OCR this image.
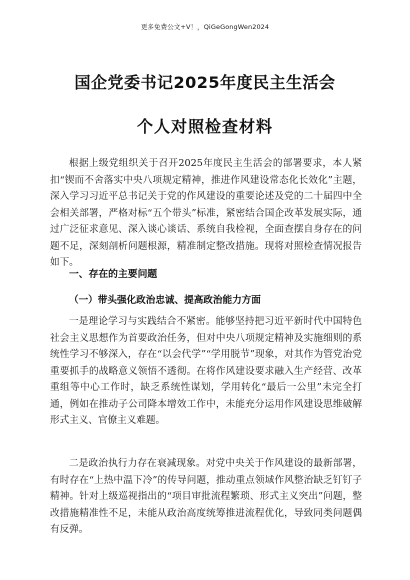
更多免费公文+V！，QiGeGongWen2024
国企党委书记2025年度民主生活会
个人对照检查材料
根据上级党组织关于召开2025年度民主生活会的部署要求，本人紧扣“锲而不舍落实中央八项规定精神，推进作风建设常态化长效化”主题，深入学习习近平总书记关于党的作风建设的重要论述及党的二十届四中全会相关部署，严格对标“五个带头”标准，紧密结合国企改革发展实际，通过广泛征求意见、深入谈心谈话、系统自我检视，全面查摆自身存在的问题不足，深刻剖析问题根源，精准制定整改措施。现将对照检查情况报告如下。
一、存在的主要问题
（一）带头强化政治忠诚、提高政治能力方面
一是理论学习与实践结合不紧密。能够坚持把习近平新时代中国特色社会主义思想作为首要政治任务，但对中央八项规定精神及实施细则的系统性学习不够深入，存在“以会代学”“学用脱节”现象，对其作为管党治党重要抓手的战略意义领悟不透彻。在将作风建设要求融入生产经营、改革重组等中心工作时，缺乏系统性谋划，学用转化“最后一公里”未完全打通，例如在推动子公司降本增效工作中，未能充分运用作风建设思维破解形式主义、官僚主义难题。
二是政治执行力存在衰减现象。对党中央关于作风建设的最新部署，有时存在“上热中温下冷”的传导问题，推动重点领域作风整治缺乏钉钉子精神。针对上级巡视指出的“项目审批流程繁琐、形式主义突出”问题，整改措施精准性不足，未能从政治高度统筹推进流程优化，导致同类问题偶有反弹。
